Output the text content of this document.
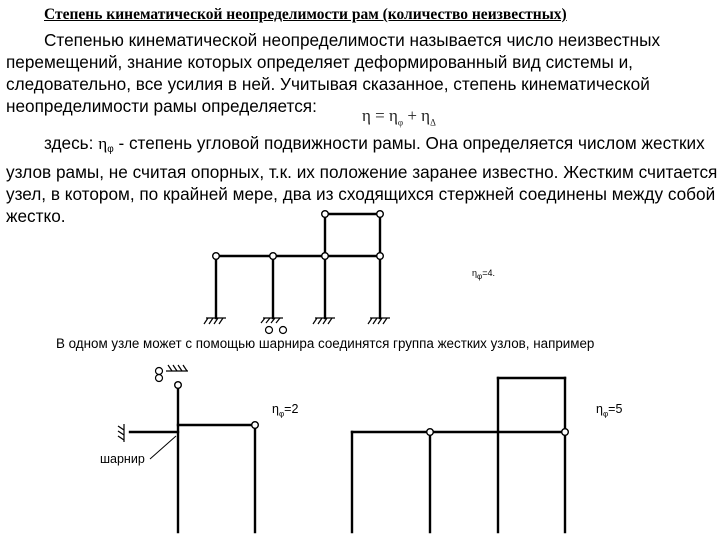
Степень кинематической неопределимости рам (количество неизвестных)

Степенью кинематической неопределимости называется число неизвестных перемещений, знание которых определяет деформированный вид системы и, следовательно, все усилия в ней. Учитывая сказанное, степень кинематической неопределимости рамы определяется:	$\eta = \eta_\varphi + \eta_\Delta$

здесь: ηφ - степень угловой подвижности рамы. Она определяется числом жестких узлов рамы, не считая опорных, т.к. их положение заранее известно. Жестким считается узел, в котором, по крайней мере, два из сходящихся стержней соединены между собой жестко.

В одном узле может с помощью шарнира соединятся группа жестких узлов, например
$\eta_\varphi=4$.
$\eta_\varphi=2$	$\eta_\varphi=5$
шарнир
